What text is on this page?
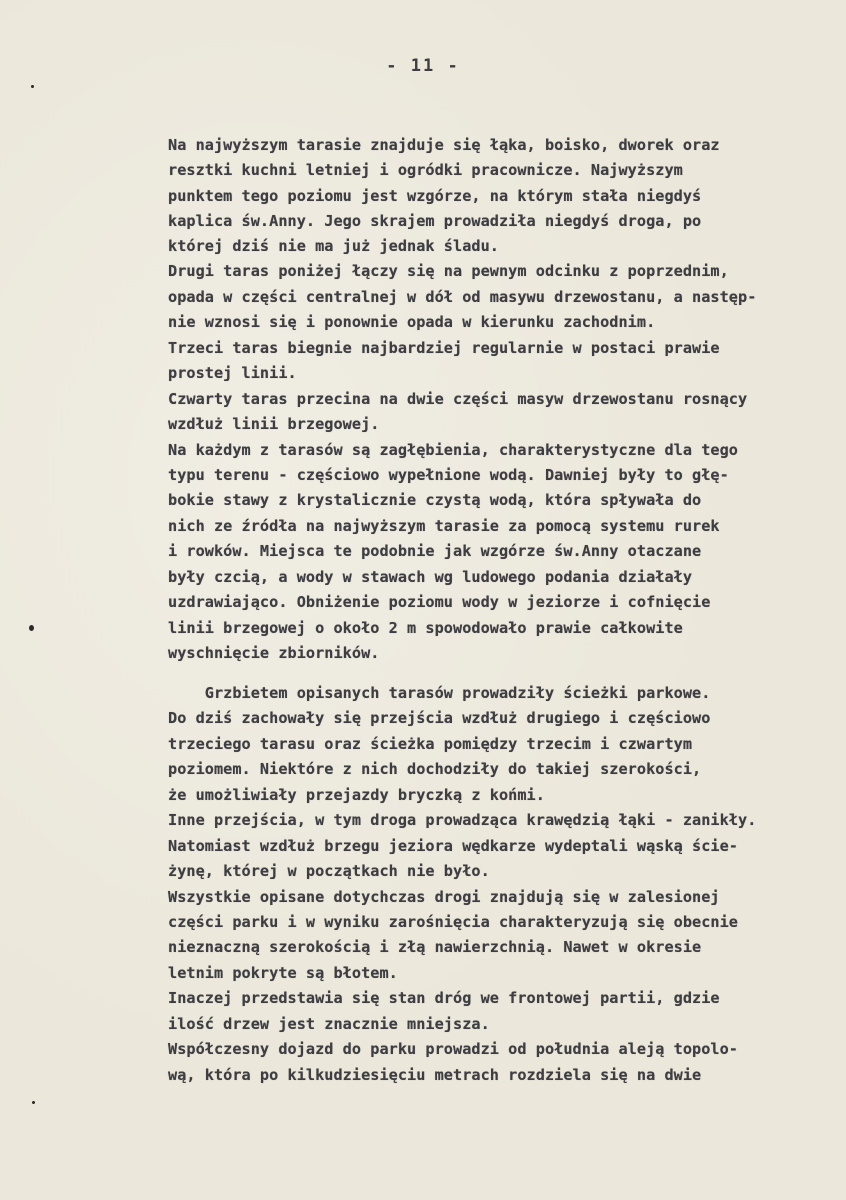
- 11 -
Na najwyższym tarasie znajduje się łąka, boisko, dworek oraz
resztki kuchni letniej i ogródki pracownicze. Najwyższym
punktem tego poziomu jest wzgórze, na którym stała niegdyś
kaplica św.Anny. Jego skrajem prowadziła niegdyś droga, po
której dziś nie ma już jednak śladu.
Drugi taras poniżej łączy się na pewnym odcinku z poprzednim,
opada w części centralnej w dół od masywu drzewostanu, a następ-
nie wznosi się i ponownie opada w kierunku zachodnim.
Trzeci taras biegnie najbardziej regularnie w postaci prawie
prostej linii.
Czwarty taras przecina na dwie części masyw drzewostanu rosnący
wzdłuż linii brzegowej.
Na każdym z tarasów są zagłębienia, charakterystyczne dla tego
typu terenu - częściowo wypełnione wodą. Dawniej były to głę-
bokie stawy z krystalicznie czystą wodą, która spływała do
nich ze źródła na najwyższym tarasie za pomocą systemu rurek
i rowków. Miejsca te podobnie jak wzgórze św.Anny otaczane
były czcią, a wody w stawach wg ludowego podania działały
uzdrawiająco. Obniżenie poziomu wody w jeziorze i cofnięcie
linii brzegowej o około 2 m spowodowało prawie całkowite
wyschnięcie zbiorników.
Grzbietem opisanych tarasów prowadziły ścieżki parkowe.
Do dziś zachowały się przejścia wzdłuż drugiego i częściowo
trzeciego tarasu oraz ścieżka pomiędzy trzecim i czwartym
poziomem. Niektóre z nich dochodziły do takiej szerokości,
że umożliwiały przejazdy bryczką z końmi.
Inne przejścia, w tym droga prowadząca krawędzią łąki - zanikły.
Natomiast wzdłuż brzegu jeziora wędkarze wydeptali wąską ście-
żynę, której w początkach nie było.
Wszystkie opisane dotychczas drogi znajdują się w zalesionej
części parku i w wyniku zarośnięcia charakteryzują się obecnie
nieznaczną szerokością i złą nawierzchnią. Nawet w okresie
letnim pokryte są błotem.
Inaczej przedstawia się stan dróg we frontowej partii, gdzie
ilość drzew jest znacznie mniejsza.
Współczesny dojazd do parku prowadzi od południa aleją topolo-
wą, która po kilkudziesięciu metrach rozdziela się na dwie
